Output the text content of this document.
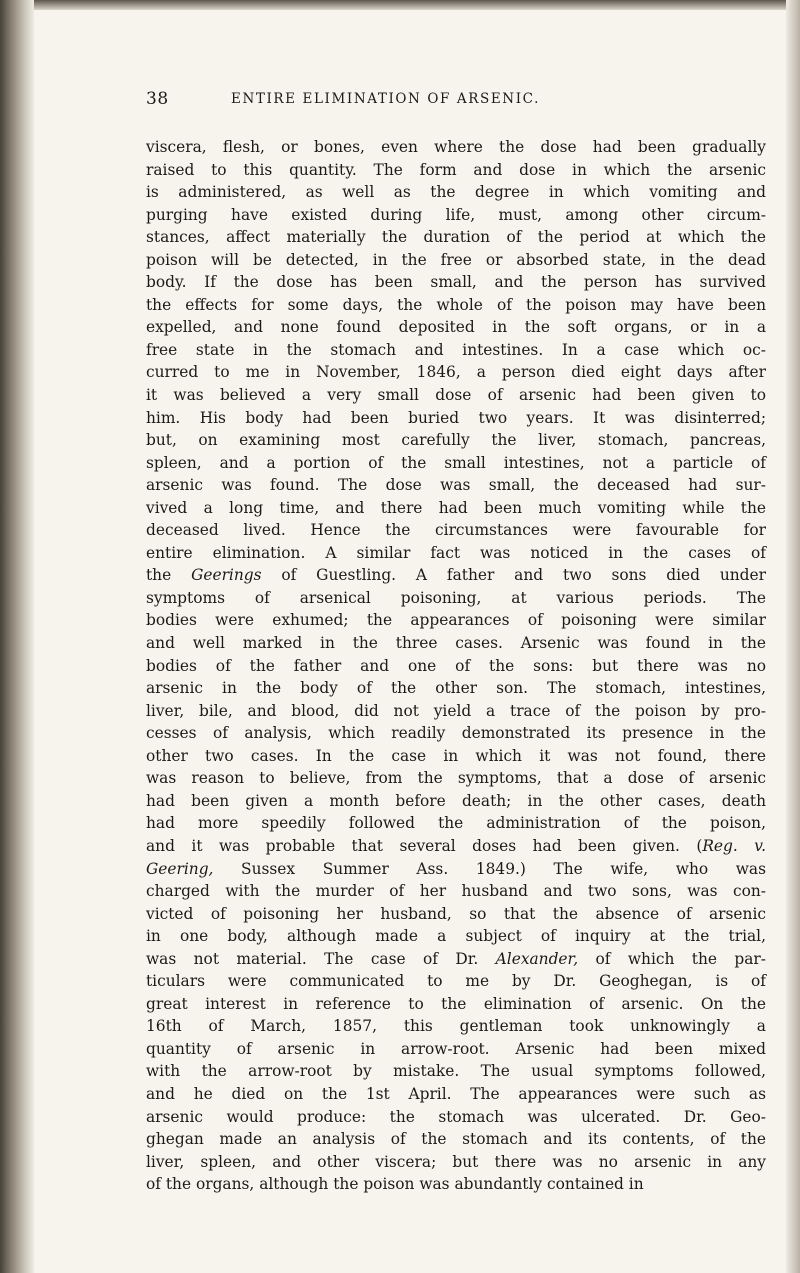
38	ENTIRE ELIMINATION OF ARSENIC.
viscera, flesh, or bones, even where the dose had been gradually
raised to this quantity. The form and dose in which the arsenic
is administered, as well as the degree in which vomiting and
purging have existed during life, must, among other circum-
stances, affect materially the duration of the period at which the
poison will be detected, in the free or absorbed state, in the dead
body. If the dose has been small, and the person has survived
the effects for some days, the whole of the poison may have been
expelled, and none found deposited in the soft organs, or in a
free state in the stomach and intestines. In a case which oc-
curred to me in November, 1846, a person died eight days after
it was believed a very small dose of arsenic had been given to
him. His body had been buried two years. It was disinterred;
but, on examining most carefully the liver, stomach, pancreas,
spleen, and a portion of the small intestines, not a particle of
arsenic was found. The dose was small, the deceased had sur-
vived a long time, and there had been much vomiting while the
deceased lived. Hence the circumstances were favourable for
entire elimination. A similar fact was noticed in the cases of
the Geerings of Guestling. A father and two sons died under
symptoms of arsenical poisoning, at various periods. The
bodies were exhumed; the appearances of poisoning were similar
and well marked in the three cases. Arsenic was found in the
bodies of the father and one of the sons: but there was no
arsenic in the body of the other son. The stomach, intestines,
liver, bile, and blood, did not yield a trace of the poison by pro-
cesses of analysis, which readily demonstrated its presence in the
other two cases. In the case in which it was not found, there
was reason to believe, from the symptoms, that a dose of arsenic
had been given a month before death; in the other cases, death
had more speedily followed the administration of the poison,
and it was probable that several doses had been given. (Reg. v.
Geering, Sussex Summer Ass. 1849.) The wife, who was
charged with the murder of her husband and two sons, was con-
victed of poisoning her husband, so that the absence of arsenic
in one body, although made a subject of inquiry at the trial,
was not material. The case of Dr. Alexander, of which the par-
ticulars were communicated to me by Dr. Geoghegan, is of
great interest in reference to the elimination of arsenic. On the
16th of March, 1857, this gentleman took unknowingly a
quantity of arsenic in arrow-root. Arsenic had been mixed
with the arrow-root by mistake. The usual symptoms followed,
and he died on the 1st April. The appearances were such as
arsenic would produce: the stomach was ulcerated. Dr. Geo-
ghegan made an analysis of the stomach and its contents, of the
liver, spleen, and other viscera; but there was no arsenic in any
of the organs, although the poison was abundantly contained in
